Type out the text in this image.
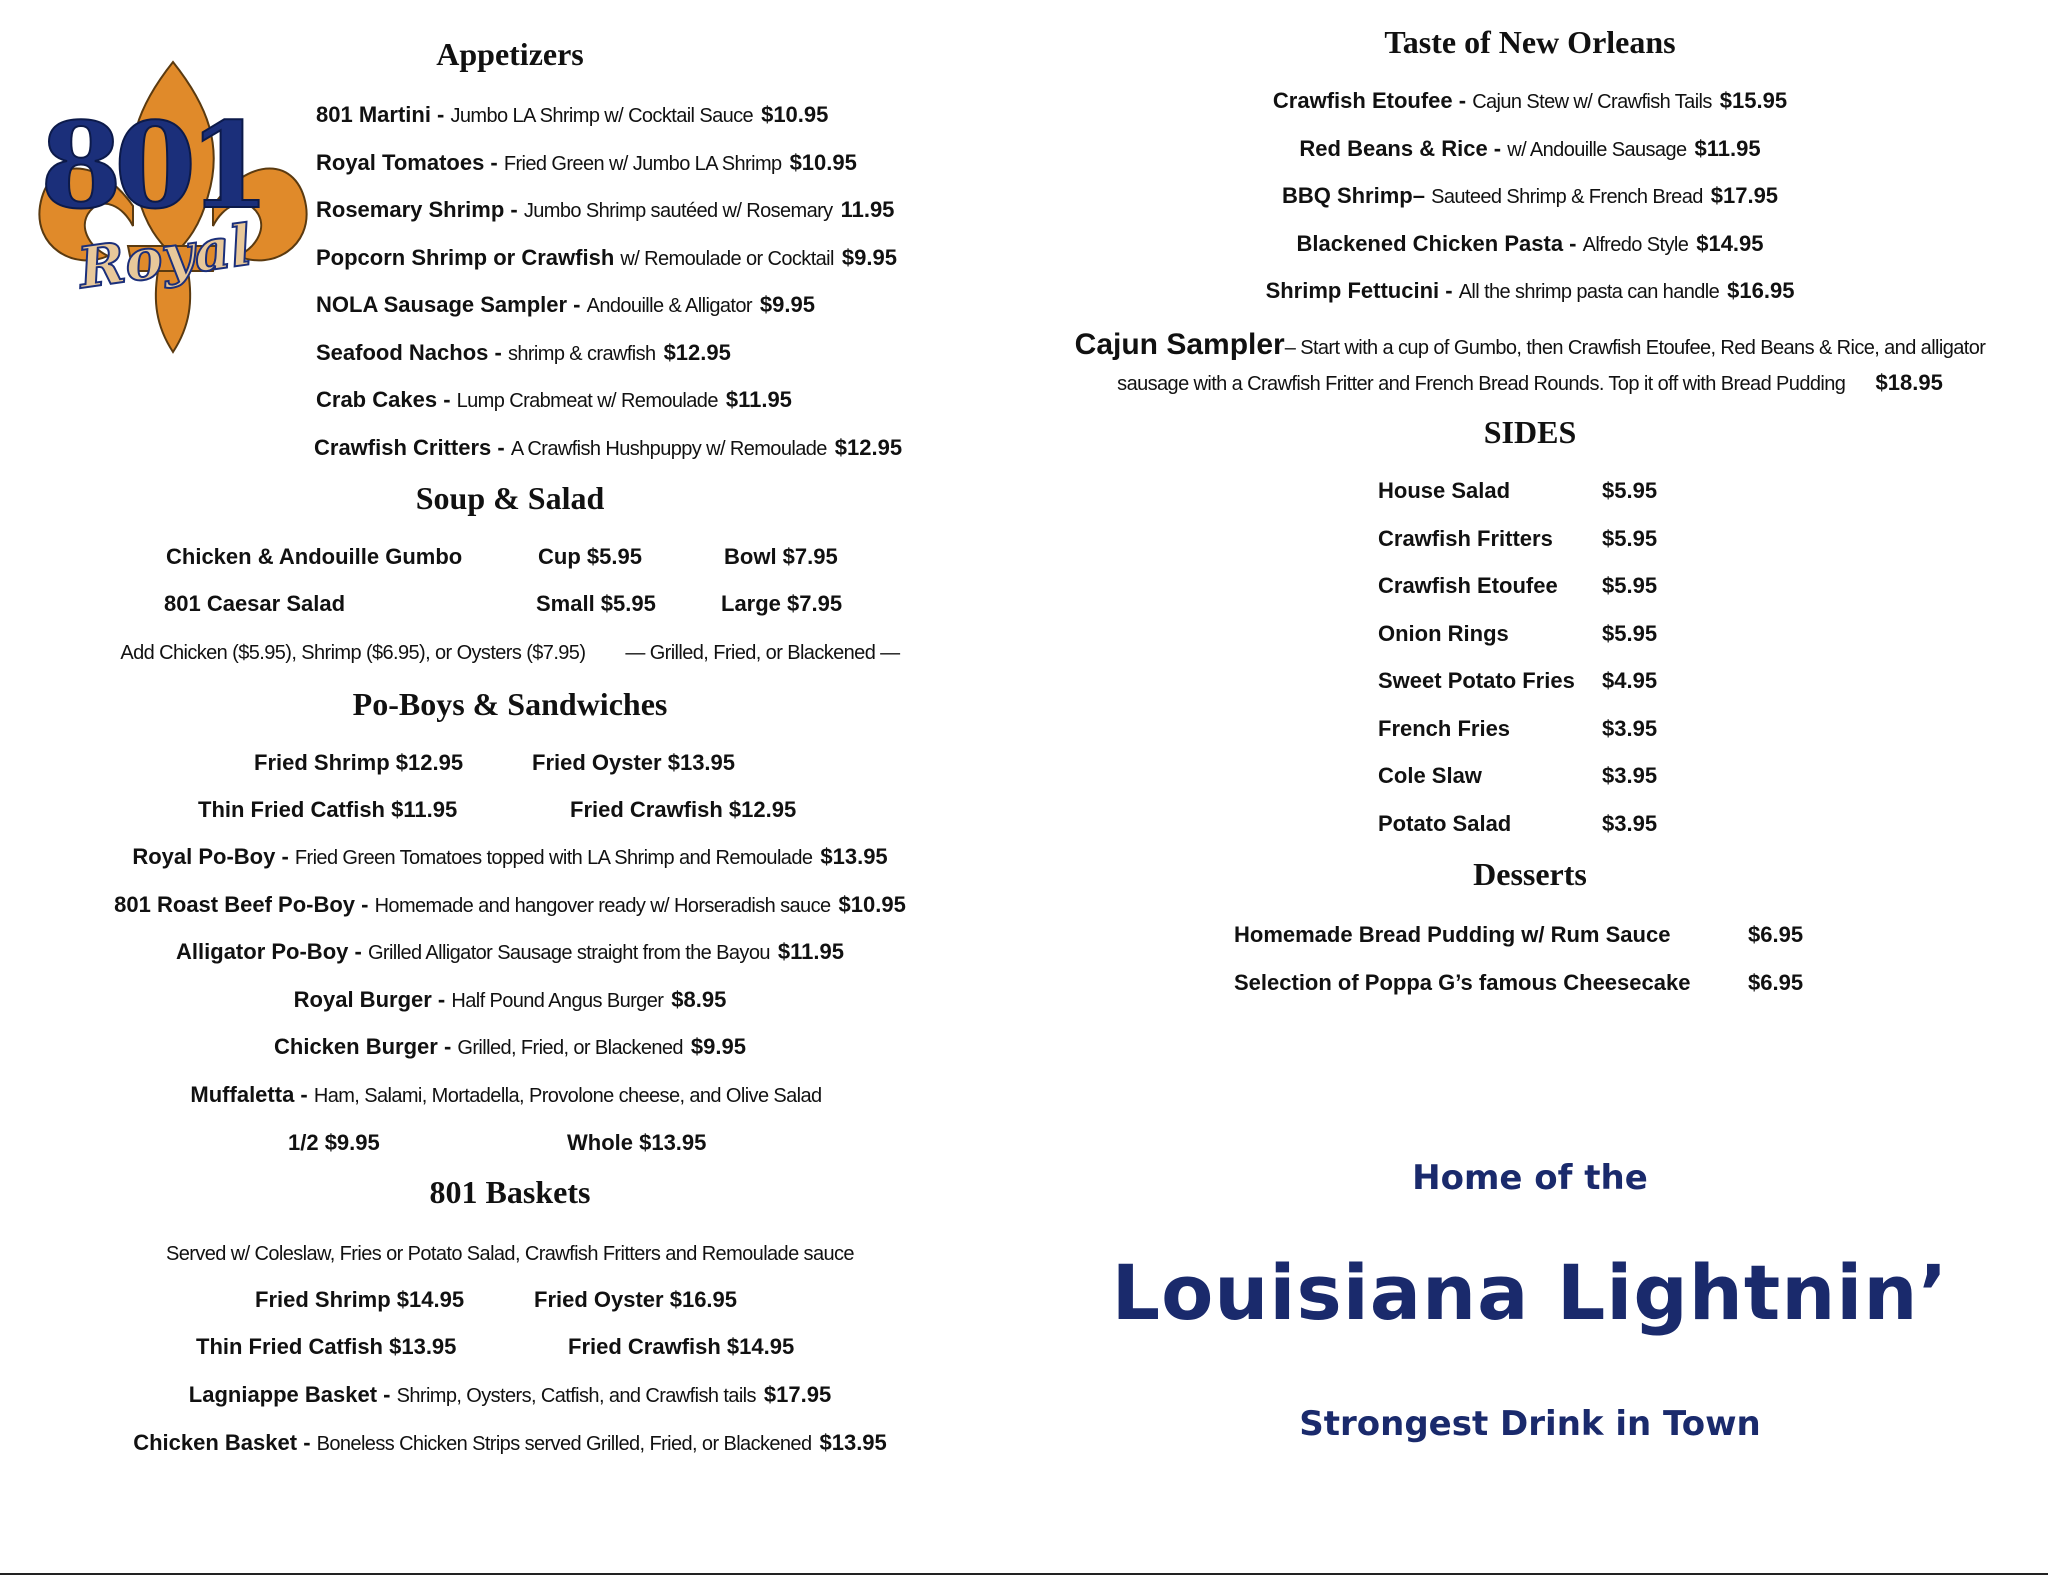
801
Royal
Appetizers
801 Martini - Jumbo LA Shrimp w/ Cocktail Sauce $10.95
Royal Tomatoes - Fried Green w/ Jumbo LA Shrimp $10.95
Rosemary Shrimp - Jumbo Shrimp sautéed w/ Rosemary 11.95
Popcorn Shrimp or Crawfish w/ Remoulade or Cocktail $9.95
NOLA Sausage Sampler - Andouille & Alligator $9.95
Seafood Nachos - shrimp & crawfish $12.95
Crab Cakes - Lump Crabmeat w/ Remoulade $11.95
Crawfish Critters - A Crawfish Hushpuppy w/ Remoulade $12.95
Soup & Salad
Chicken & Andouille Gumbo	Cup $5.95	Bowl $7.95
801 Caesar Salad	Small $5.95	Large $7.95
Add Chicken ($5.95), Shrimp ($6.95), or Oysters ($7.95) — Grilled, Fried, or Blackened —
Po-Boys & Sandwiches
Fried Shrimp $12.95	Fried Oyster $13.95
Thin Fried Catfish $11.95	Fried Crawfish $12.95
Royal Po-Boy - Fried Green Tomatoes topped with LA Shrimp and Remoulade $13.95
801 Roast Beef Po-Boy - Homemade and hangover ready w/ Horseradish sauce $10.95
Alligator Po-Boy - Grilled Alligator Sausage straight from the Bayou $11.95
Royal Burger - Half Pound Angus Burger $8.95
Chicken Burger - Grilled, Fried, or Blackened $9.95
Muffaletta - Ham, Salami, Mortadella, Provolone cheese, and Olive Salad
1/2 $9.95	Whole $13.95
801 Baskets
Served w/ Coleslaw, Fries or Potato Salad, Crawfish Fritters and Remoulade sauce
Fried Shrimp $14.95	Fried Oyster $16.95
Thin Fried Catfish $13.95	Fried Crawfish $14.95
Lagniappe Basket - Shrimp, Oysters, Catfish, and Crawfish tails $17.95
Chicken Basket - Boneless Chicken Strips served Grilled, Fried, or Blackened $13.95
Taste of New Orleans
Crawfish Etoufee - Cajun Stew w/ Crawfish Tails $15.95
Red Beans & Rice - w/ Andouille Sausage $11.95
BBQ Shrimp– Sauteed Shrimp & French Bread $17.95
Blackened Chicken Pasta - Alfredo Style $14.95
Shrimp Fettucini - All the shrimp pasta can handle $16.95
Cajun Sampler– Start with a cup of Gumbo, then Crawfish Etoufee, Red Beans & Rice, and alligator
sausage with a Crawfish Fritter and French Bread Rounds. Top it off with Bread Pudding $18.95
SIDES
House Salad	$5.95
Crawfish Fritters $5.95
Crawfish Etoufee $5.95
Onion Rings	$5.95
Sweet Potato Fries $4.95
French Fries	$3.95
Cole Slaw	$3.95
Potato Salad	$3.95
Desserts
Homemade Bread Pudding w/ Rum Sauce	$6.95
Selection of Poppa G’s famous Cheesecake	$6.95
Home of the
Louisiana Lightnin’
Strongest Drink in Town
